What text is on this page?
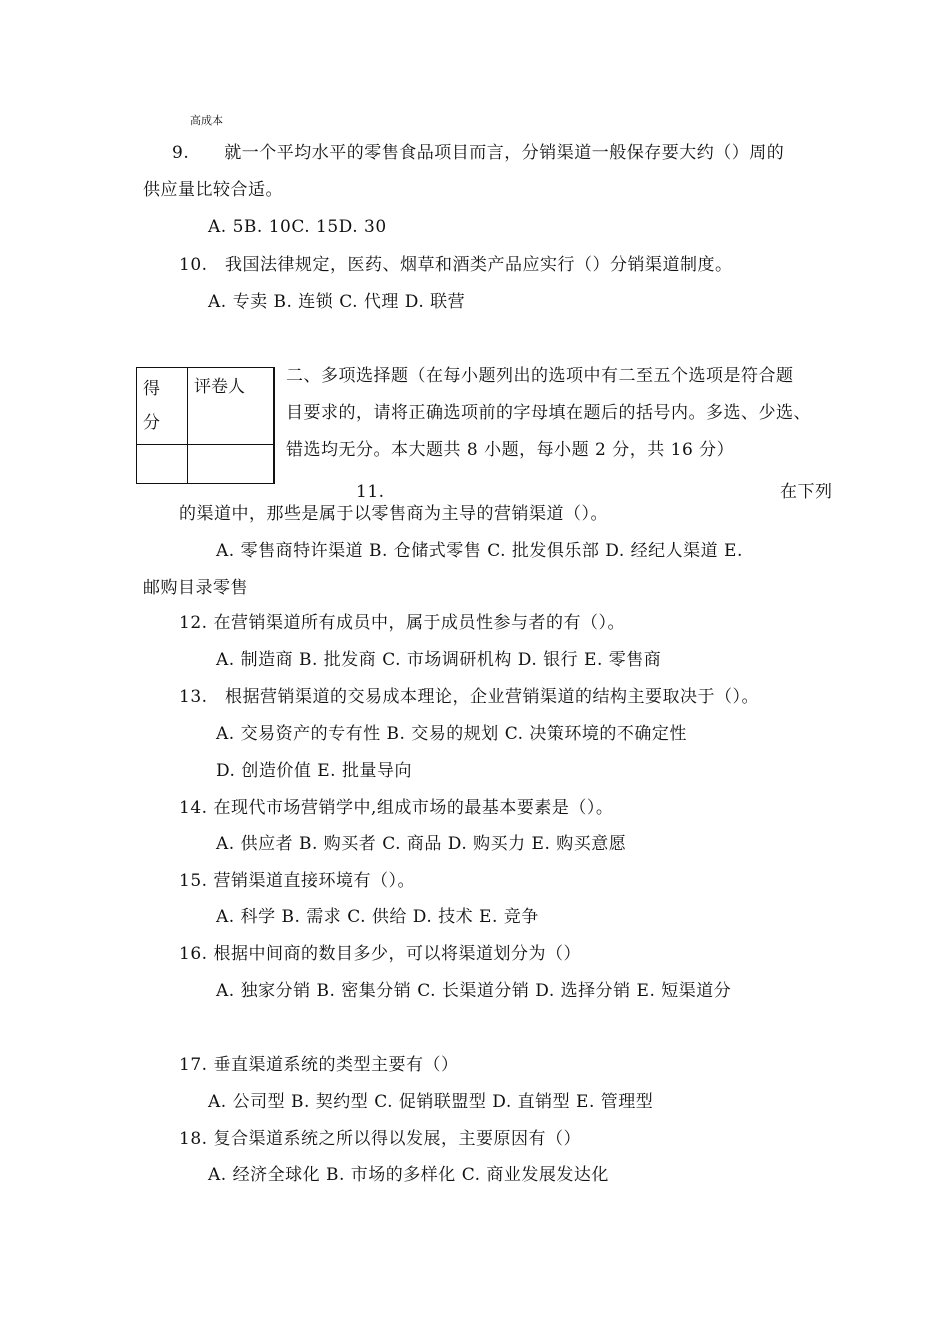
高成本
9.　　就一个平均水平的零售食品项目而言，分销渠道一般保存要大约（）周的
供应量比较合适。
A. 5B. 10C. 15D. 30
10.　我国法律规定，医药、烟草和酒类产品应实行（）分销渠道制度。
A. 专卖 B. 连锁 C. 代理 D. 联营
得分	评卷人

二、多项选择题（在每小题列出的选项中有二至五个选项是符合题
目要求的，请将正确选项前的字母填在题后的括号内。多选、少选、
错选均无分。本大题共 8 小题，每小题 2 分，共 16 分）
11.	在下列
的渠道中，那些是属于以零售商为主导的营销渠道（）。
A. 零售商特许渠道 B. 仓储式零售 C. 批发俱乐部 D. 经纪人渠道 E.
邮购目录零售
12. 在营销渠道所有成员中，属于成员性参与者的有（）。
A. 制造商 B. 批发商 C. 市场调研机构 D. 银行 E. 零售商
13.　根据营销渠道的交易成本理论，企业营销渠道的结构主要取决于（）。
A. 交易资产的专有性 B. 交易的规划 C. 决策环境的不确定性
D. 创造价值 E. 批量导向
14. 在现代市场营销学中,组成市场的最基本要素是（）。
A. 供应者 B. 购买者 C. 商品 D. 购买力 E. 购买意愿
15. 营销渠道直接环境有（）。
A. 科学 B. 需求 C. 供给 D. 技术 E. 竞争
16. 根据中间商的数目多少，可以将渠道划分为（）
A. 独家分销 B. 密集分销 C. 长渠道分销 D. 选择分销 E. 短渠道分
17. 垂直渠道系统的类型主要有（）
A. 公司型 B. 契约型 C. 促销联盟型 D. 直销型 E. 管理型
18. 复合渠道系统之所以得以发展，主要原因有（）
A. 经济全球化 B. 市场的多样化 C. 商业发展发达化
